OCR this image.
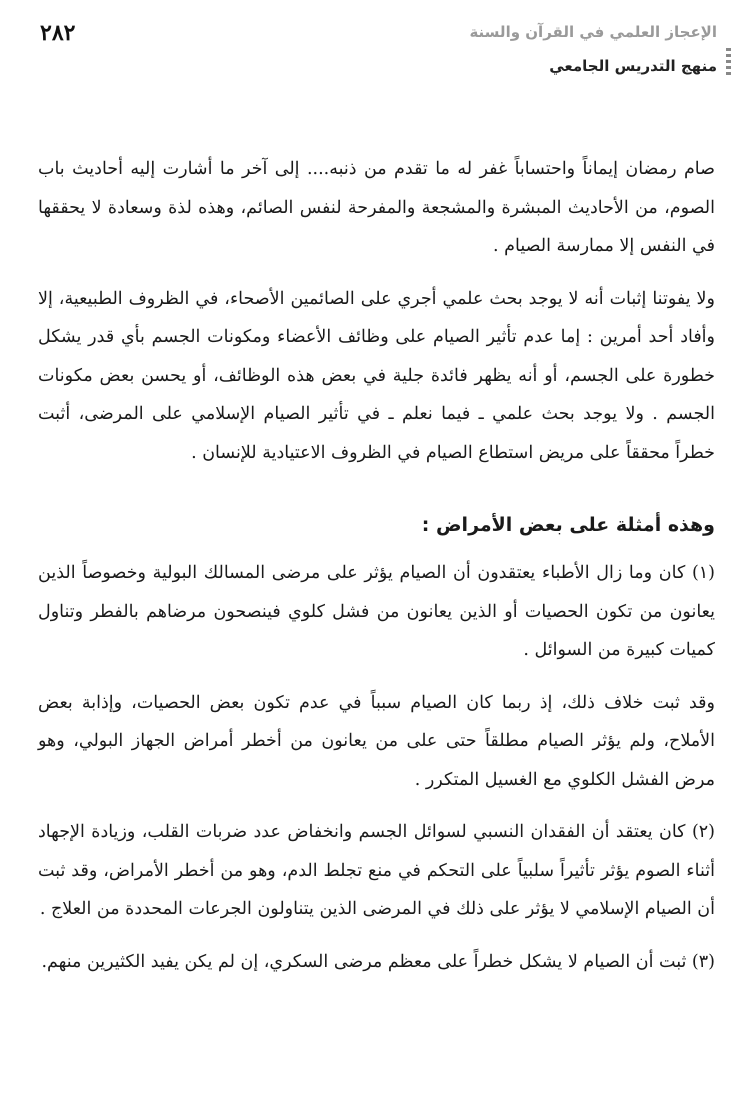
٢٨٢	الإعجاز العلمي في القرآن والسنة
منهج التدريس الجامعي

صام رمضان إيماناً واحتساباً غفر له ما تقدم من ذنبه.... إلى آخر ما أشارت إليه أحاديث باب الصوم، من الأحاديث المبشرة والمشجعة والمفرحة لنفس الصائم، وهذه لذة وسعادة لا يحققها في النفس إلا ممارسة الصيام .

ولا يفوتنا إثبات أنه لا يوجد بحث علمي أجري على الصائمين الأصحاء، في الظروف الطبيعية، إلا وأفاد أحد أمرين : إما عدم تأثير الصيام على وظائف الأعضاء ومكونات الجسم بأي قدر يشكل خطورة على الجسم، أو أنه يظهر فائدة جلية في بعض هذه الوظائف، أو يحسن بعض مكونات الجسم . ولا يوجد بحث علمي ـ فيما نعلم ـ في تأثير الصيام الإسلامي على المرضى، أثبت خطراً محققاً على مريض استطاع الصيام في الظروف الاعتيادية للإنسان .

وهذه أمثلة على بعض الأمراض :

(١) كان وما زال الأطباء يعتقدون أن الصيام يؤثر على مرضى المسالك البولية وخصوصاً الذين يعانون من تكون الحصيات أو الذين يعانون من فشل كلوي فينصحون مرضاهم بالفطر وتناول كميات كبيرة من السوائل .

وقد ثبت خلاف ذلك، إذ ربما كان الصيام سبباً في عدم تكون بعض الحصيات، وإذابة بعض الأملاح، ولم يؤثر الصيام مطلقاً حتى على من يعانون من أخطر أمراض الجهاز البولي، وهو مرض الفشل الكلوي مع الغسيل المتكرر .

(٢) كان يعتقد أن الفقدان النسبي لسوائل الجسم وانخفاض عدد ضربات القلب، وزيادة الإجهاد أثناء الصوم يؤثر تأثيراً سلبياً على التحكم في منع تجلط الدم، وهو من أخطر الأمراض، وقد ثبت أن الصيام الإسلامي لا يؤثر على ذلك في المرضى الذين يتناولون الجرعات المحددة من العلاج .

(٣) ثبت أن الصيام لا يشكل خطراً على معظم مرضى السكري، إن لم يكن يفيد الكثيرين منهم.
